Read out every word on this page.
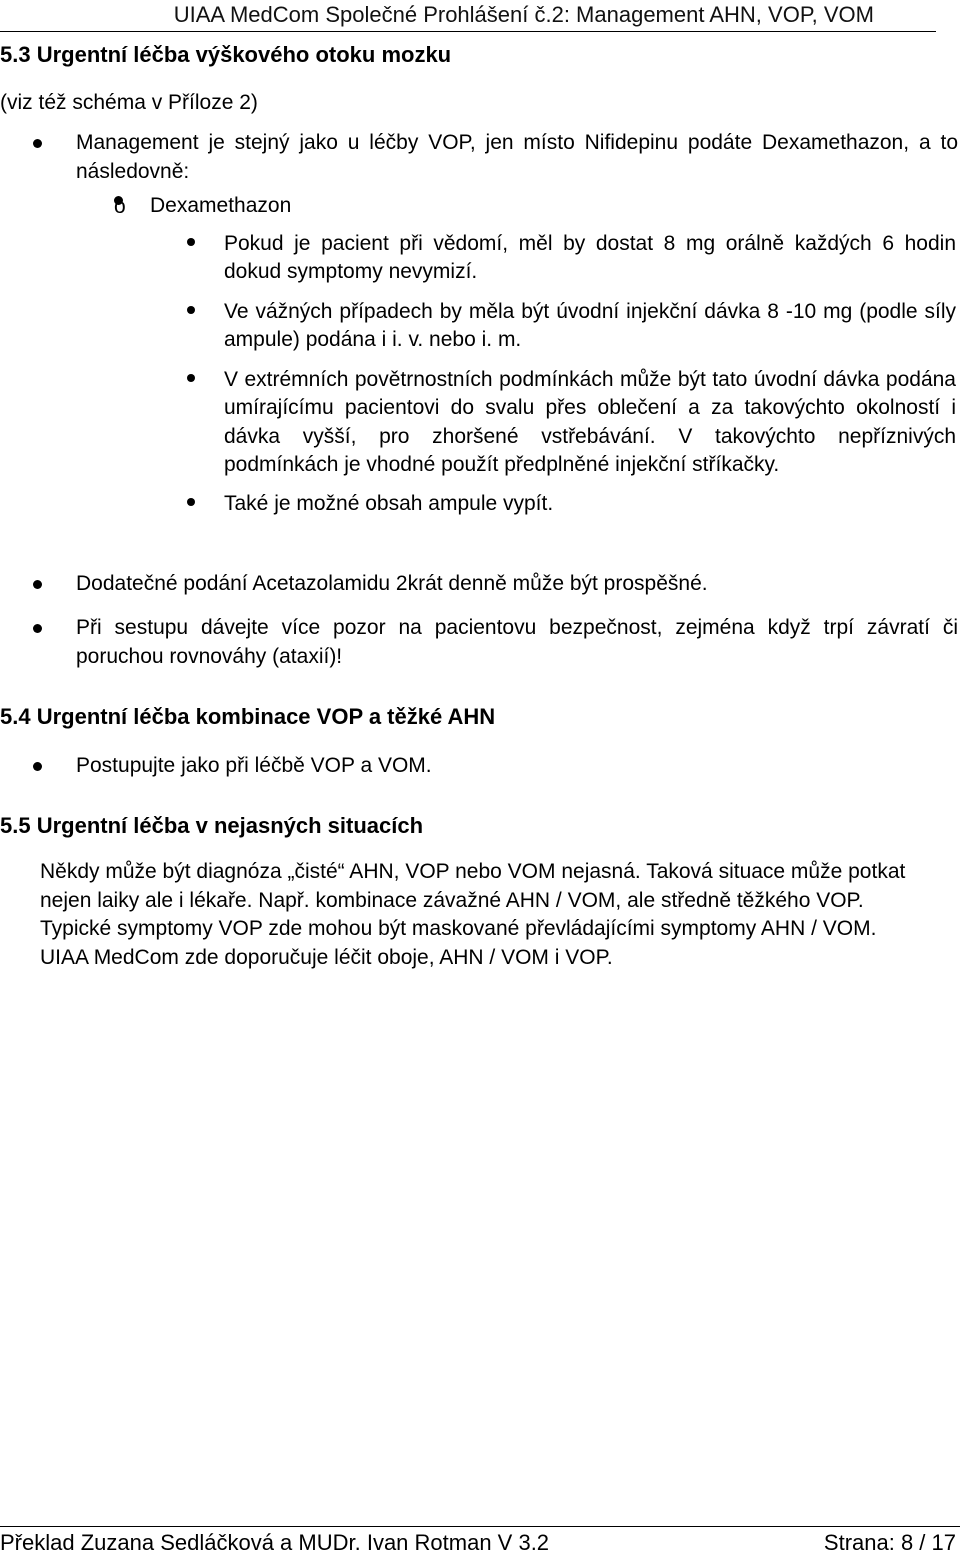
UIAA MedCom Společné Prohlášení č.2: Management AHN, VOP, VOM
5.3 Urgentní léčba výškového otoku mozku
(viz též schéma v Příloze 2)
Management je stejný jako u léčby VOP, jen místo Nifidepinu podáte Dexamethazon, a to následovně:
o Dexamethazon
Pokud je pacient při vědomí, měl by dostat 8 mg orálně každých 6 hodin dokud symptomy nevymizí.
Ve vážných případech by měla být úvodní injekční dávka 8 -10 mg (podle síly ampule) podána i i. v. nebo i. m.
V extrémních povětrnostních podmínkách může být tato úvodní dávka podána umírajícímu pacientovi do svalu přes oblečení a za takovýchto okolností i dávka vyšší, pro zhoršené vstřebávání. V takovýchto nepříznivých podmínkách je vhodné použít předplněné injekční stříkačky.
Také je možné obsah ampule vypít.
Dodatečné podání Acetazolamidu 2krát denně může být prospěšné.
Při sestupu dávejte více pozor na pacientovu bezpečnost, zejména když trpí závratí či poruchou rovnováhy (ataxií)!
5.4 Urgentní léčba kombinace VOP a těžké AHN
Postupujte jako při léčbě VOP a VOM.
5.5 Urgentní léčba v nejasných situacích
Někdy může být diagnóza „čisté“ AHN, VOP nebo VOM nejasná. Taková situace může potkat nejen laiky ale i lékaře. Např. kombinace závažné AHN / VOM, ale středně těžkého VOP. Typické symptomy VOP zde mohou být maskované převládajícími symptomy AHN / VOM. UIAA MedCom zde doporučuje léčit oboje, AHN / VOM i VOP.
Překlad Zuzana Sedláčková a MUDr. Ivan Rotman V 3.2	Strana: 8 / 17
